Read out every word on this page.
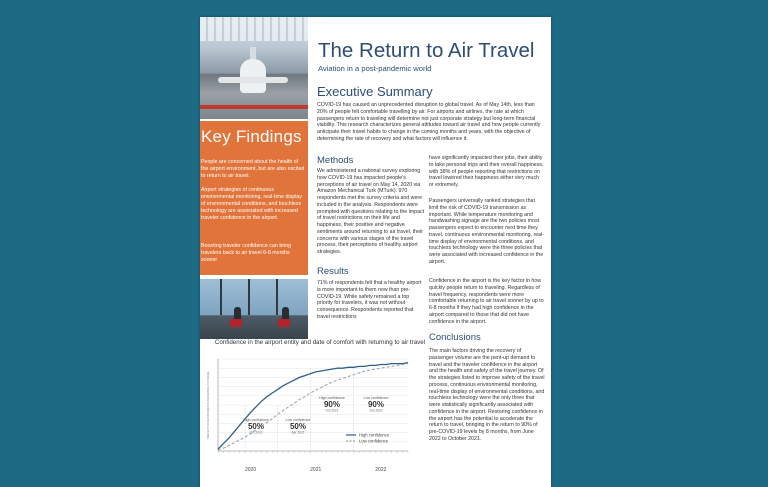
Key Findings

People are concerned about the health of the airport environment, but are also excited to return to air travel.

Airport strategies of continuous environmental monitoring, real-time display of environmental conditions, and touchless technology are associated with increased traveler confidence in the airport.

Boosting traveler confidence can bring travelers back to air travel 6-8 months sooner

Confidence in the airport entity and date of comfort with returning to air travel
PERCENT OF RESPONDENTS RETURNING TO TRAVEL
2020	2021	2022
High confidence
50%
Oct 2020
Low confidence
50%
Apr 2021
High confidence
90%
Oct 2021
Low confidence
90%
Jun 2022
High confidence
Low confidence
The Return to Air Travel
Aviation in a post-pandemic world
Executive Summary
COVID-19 has caused an unprecedented disruption to global travel. As of May 14th, less than 20% of people felt comfortable travelling by air. For airports and airlines, the rate at which passengers return to traveling will determine not just corporate strategy but long-term financial viability. This research characterizes general attitudes toward air travel and how people currently anticipate their travel habits to change in the coming months and years, with the objective of determining the rate of recovery and what factors will influence it.
Methods
We administered a national survey exploring how COVID-19 has impacted people's perceptions of air travel on May 14, 2020 via Amazon Mechanical Turk (MTurk). 970 respondents met the survey criteria and were included in the analysis. Respondents were prompted with questions relating to the impact of travel restrictions on their life and happiness, their positive and negative sentiments around returning to air travel, their concerns with various stages of the travel process, their perceptions of healthy airport strategies.
Results
71% of respondents felt that a healthy airport is more important to them now than pre-COVID-19. While safety remained a top priority for travelers, it was not without consequence. Respondents reported that travel restrictions
have significantly impacted their jobs, their ability to take personal trips and their overall happiness, with 38% of people reporting that restrictions on travel lowered their happiness either very much or extremely.
Passengers universally ranked strategies that limit the risk of COVID-19 transmission as important. While temperature monitoring and handwashing signage are the two policies most passengers expect to encounter next time they travel, continuous environmental monitoring, real-time display of environmental conditions, and touchless technology were the three policies that were associated with increased confidence in the airport.
Confidence in the airport is the key factor in how quickly people return to traveling. Regardless of travel frequency, respondents were more comfortable returning to air travel sooner by up to 6-8 months if they had high confidence in the airport compared to those that did not have confidence in the airport.
Conclusions
The main factors driving the recovery of passenger volume are the pent-up demand to travel and the traveler confidence in the airport and the health and safety of the travel journey. Of the strategies listed to improve safety of the travel process, continuous environmental monitoring, real-time display of environmental conditions, and touchless technology were the only three that were statistically significantly associated with confidence in the airport. Restoring confidence in the airport has the potential to accelerate the return to travel, bringing in the return to 90% of pre-COVID-19 levels by 8 months, from June 2022 to October 2021.
